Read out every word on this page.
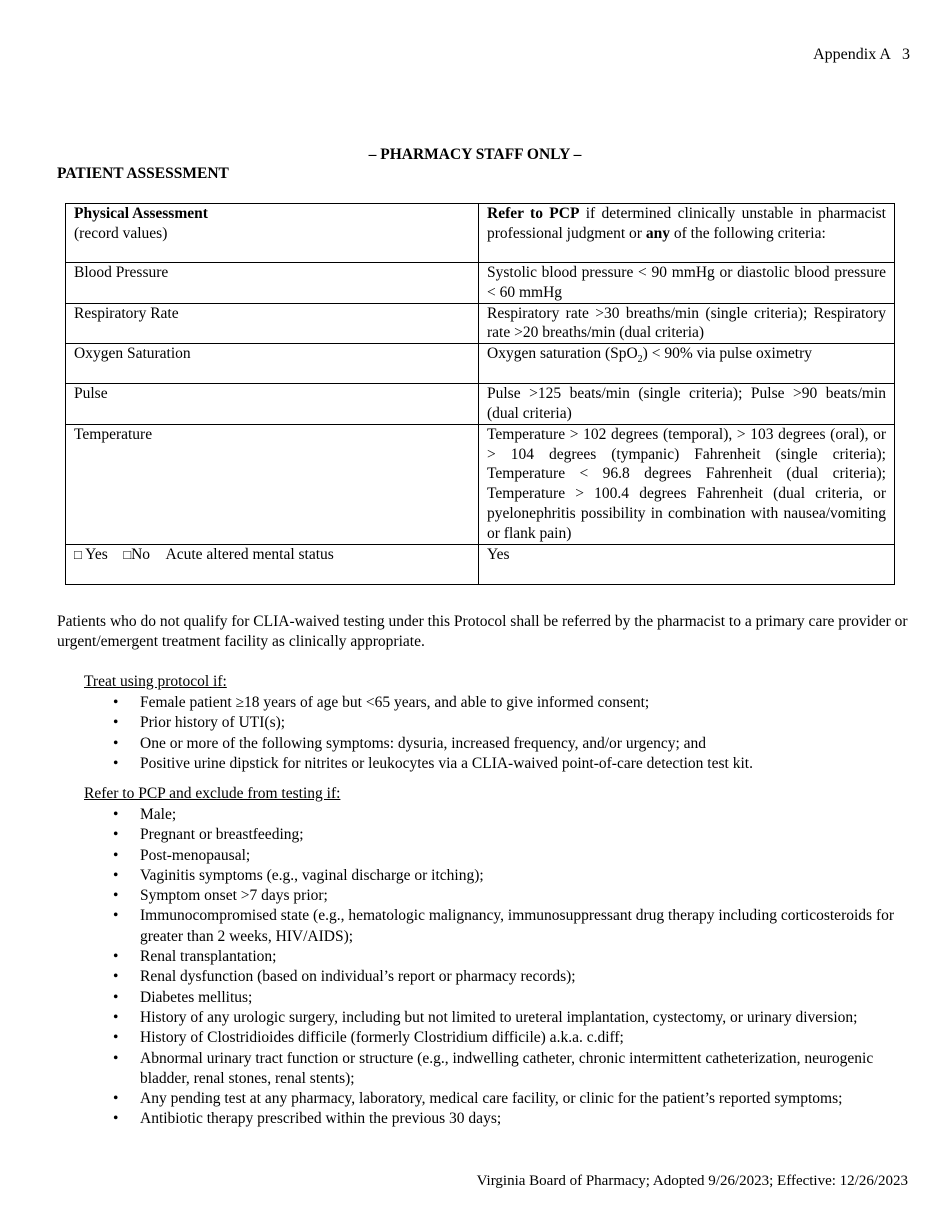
Appendix A   3
– PHARMACY STAFF ONLY –
PATIENT ASSESSMENT
Physical Assessment
(record values)	Refer to PCP if determined clinically unstable in pharmacist professional judgment or any of the following criteria:
Blood Pressure	Systolic blood pressure < 90 mmHg or diastolic blood pressure < 60 mmHg
Respiratory Rate	Respiratory rate >30 breaths/min (single criteria); Respiratory rate >20 breaths/min (dual criteria)
Oxygen Saturation	Oxygen saturation (SpO$_2$) < 90% via pulse oximetry
Pulse	Pulse >125 beats/min (single criteria); Pulse >90 beats/min (dual criteria)
Temperature	Temperature > 102 degrees (temporal), > 103 degrees (oral), or > 104 degrees (tympanic) Fahrenheit (single criteria); Temperature < 96.8 degrees Fahrenheit (dual criteria); Temperature > 100.4 degrees Fahrenheit (dual criteria, or pyelonephritis possibility in combination with nausea/vomiting or flank pain)
□ Yes □No Acute altered mental status	Yes
Patients who do not qualify for CLIA-waived testing under this Protocol shall be referred by the pharmacist to a primary care provider or urgent/emergent treatment facility as clinically appropriate.
Treat using protocol if:
• Female patient ≥18 years of age but <65 years, and able to give informed consent;
• Prior history of UTI(s);
• One or more of the following symptoms: dysuria, increased frequency, and/or urgency; and
• Positive urine dipstick for nitrites or leukocytes via a CLIA-waived point-of-care detection test kit.
Refer to PCP and exclude from testing if:
• Male;
• Pregnant or breastfeeding;
• Post-menopausal;
• Vaginitis symptoms (e.g., vaginal discharge or itching);
• Symptom onset >7 days prior;
• Immunocompromised state (e.g., hematologic malignancy, immunosuppressant drug therapy including corticosteroids for greater than 2 weeks, HIV/AIDS);
• Renal transplantation;
• Renal dysfunction (based on individual’s report or pharmacy records);
• Diabetes mellitus;
• History of any urologic surgery, including but not limited to ureteral implantation, cystectomy, or urinary diversion;
• History of Clostridioides difficile (formerly Clostridium difficile) a.k.a. c.diff;
• Abnormal urinary tract function or structure (e.g., indwelling catheter, chronic intermittent catheterization, neurogenic bladder, renal stones, renal stents);
• Any pending test at any pharmacy, laboratory, medical care facility, or clinic for the patient’s reported symptoms;
• Antibiotic therapy prescribed within the previous 30 days;
Virginia Board of Pharmacy; Adopted 9/26/2023; Effective: 12/26/2023
